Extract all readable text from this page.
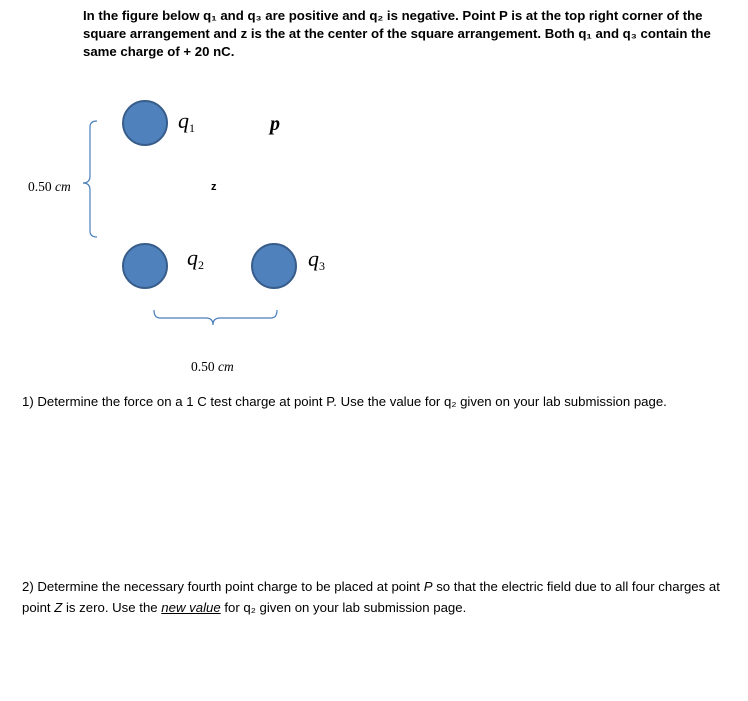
In the figure below q₁ and q₃ are positive and q₂ is negative. Point P is at the top right corner of the square arrangement and z is the at the center of the square arrangement. Both q₁ and q₃ contain the same charge of + 20 nC.
$q_1$
$q_2$	$q_3$
p
z
0.50 cm
0.50 cm
1) Determine the force on a 1 C test charge at point P. Use the value for q₂ given on your lab submission page.
2) Determine the necessary fourth point charge to be placed at point P so that the electric field due to all four charges at point Z is zero. Use the new value for q₂ given on your lab submission page.
